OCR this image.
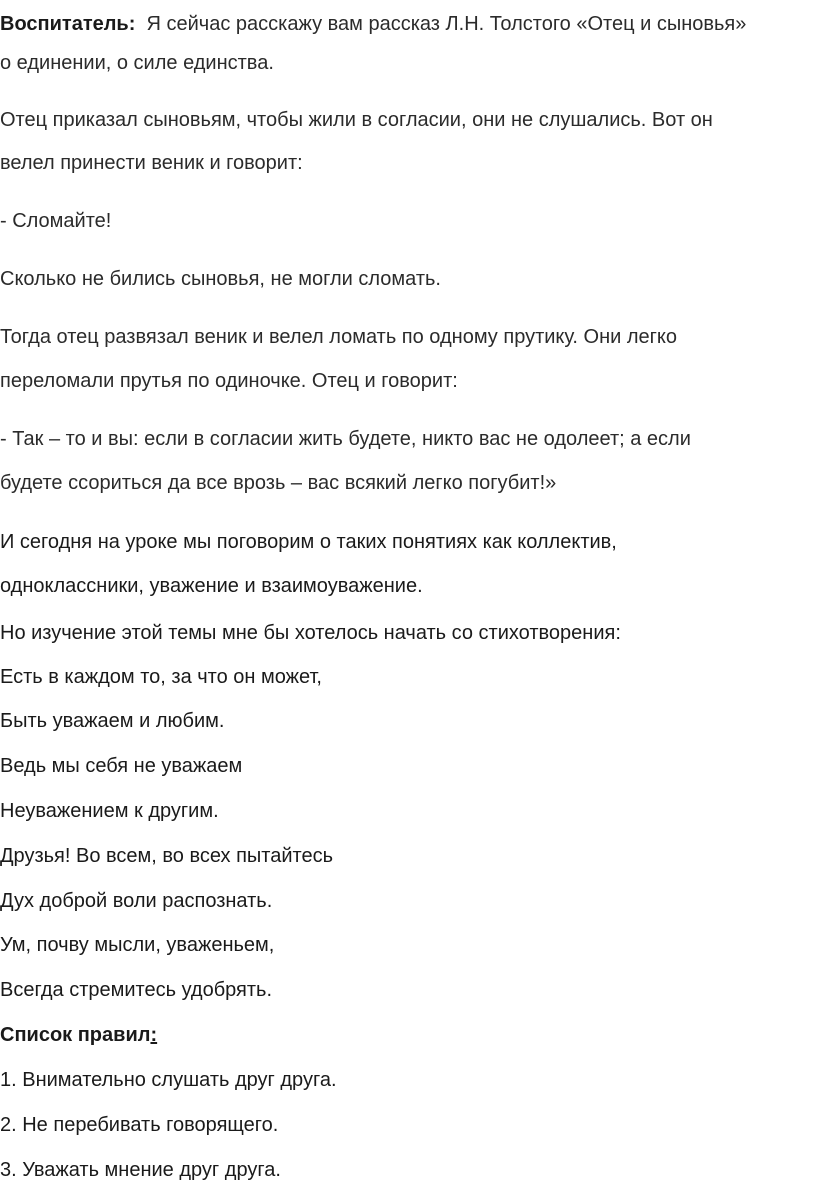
Воспитатель: Я сейчас расскажу вам рассказ Л.Н. Толстого «Отец и сыновья»
о единении, о силе единства.
Отец приказал сыновьям, чтобы жили в согласии, они не слушались. Вот он
велел принести веник и говорит:
- Сломайте!
Сколько не бились сыновья, не могли сломать.
Тогда отец развязал веник и велел ломать по одному прутику. Они легко
переломали прутья по одиночке. Отец и говорит:
- Так – то и вы: если в согласии жить будете, никто вас не одолеет; а если
будете ссориться да все врозь – вас всякий легко погубит!»
И сегодня на уроке мы поговорим о таких понятиях как коллектив,
одноклассники, уважение и взаимоуважение.
Но изучение этой темы мне бы хотелось начать со стихотворения:
Есть в каждом то, за что он может,
Быть уважаем и любим.
Ведь мы себя не уважаем
Неуважением к другим.
Друзья! Во всем, во всех пытайтесь
Дух доброй воли распознать.
Ум, почву мысли, уваженьем,
Всегда стремитесь удобрять.
Список правил:
1. Внимательно слушать друг друга.
2. Не перебивать говорящего.
3. Уважать мнение друг друга.
